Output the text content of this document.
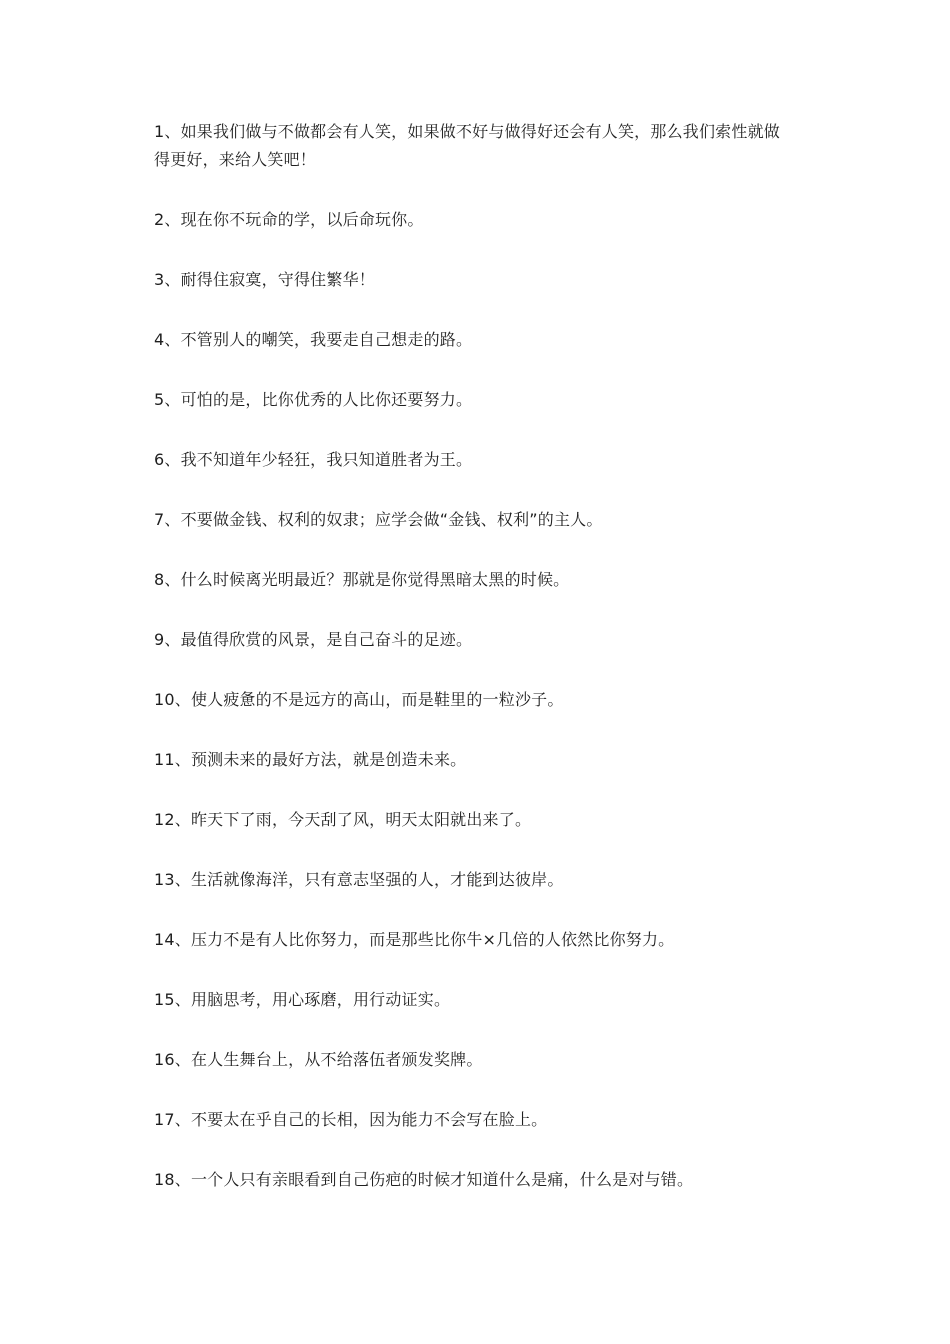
1、如果我们做与不做都会有人笑，如果做不好与做得好还会有人笑，那么我们索性就做得更好，来给人笑吧！

2、现在你不玩命的学，以后命玩你。

3、耐得住寂寞，守得住繁华！

4、不管别人的嘲笑，我要走自己想走的路。

5、可怕的是，比你优秀的人比你还要努力。

6、我不知道年少轻狂，我只知道胜者为王。

7、不要做金钱、权利的奴隶；应学会做“金钱、权利”的主人。

8、什么时候离光明最近？那就是你觉得黑暗太黑的时候。

9、最值得欣赏的风景，是自己奋斗的足迹。

10、使人疲惫的不是远方的高山，而是鞋里的一粒沙子。

11、预测未来的最好方法，就是创造未来。

12、昨天下了雨，今天刮了风，明天太阳就出来了。

13、生活就像海洋，只有意志坚强的人，才能到达彼岸。

14、压力不是有人比你努力，而是那些比你牛×几倍的人依然比你努力。

15、用脑思考，用心琢磨，用行动证实。

16、在人生舞台上，从不给落伍者颁发奖牌。

17、不要太在乎自己的长相，因为能力不会写在脸上。

18、一个人只有亲眼看到自己伤疤的时候才知道什么是痛，什么是对与错。
